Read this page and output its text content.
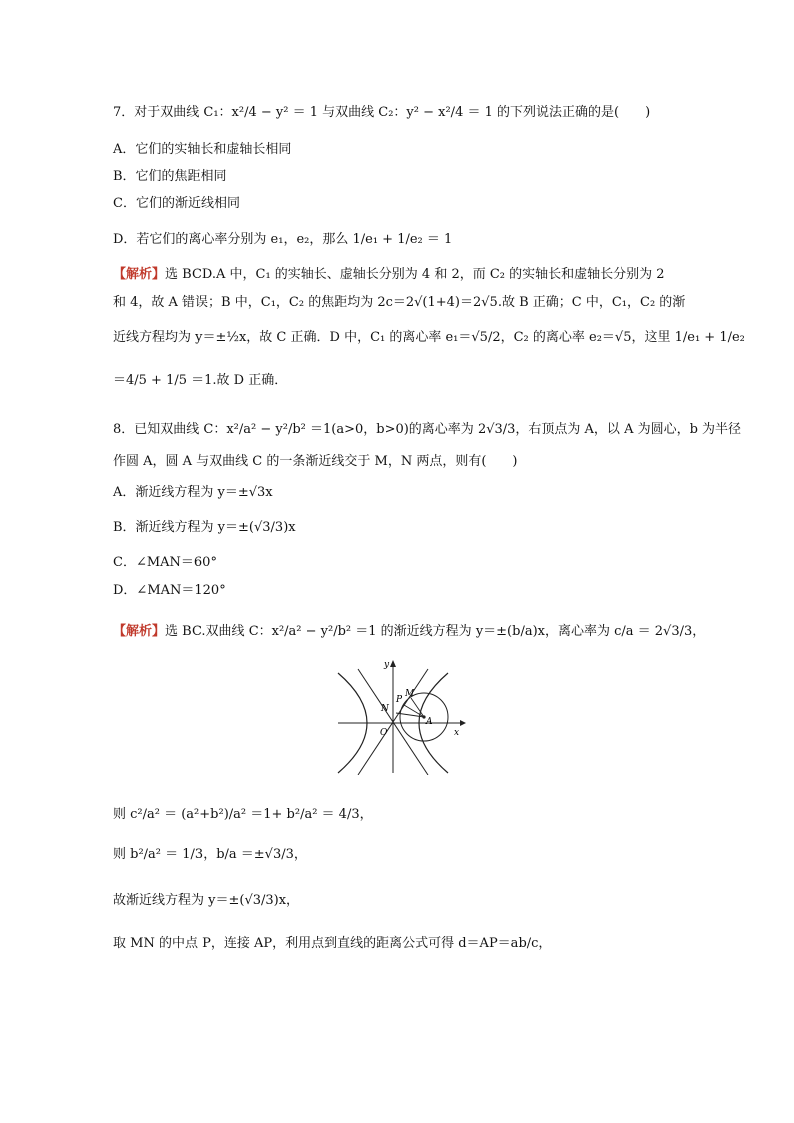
7．对于双曲线 C₁：x²/4 − y² ＝ 1 与双曲线 C₂：y² − x²/4 ＝ 1 的下列说法正确的是(　　)
A．它们的实轴长和虚轴长相同
B．它们的焦距相同
C．它们的渐近线相同
D．若它们的离心率分别为 e₁，e₂，那么 1/e₁ + 1/e₂ ＝ 1
【解析】选 BCD.A 中，C₁ 的实轴长、虚轴长分别为 4 和 2，而 C₂ 的实轴长和虚轴长分别为 2
和 4，故 A 错误；B 中，C₁，C₂ 的焦距均为 2c＝2√(1+4)＝2√5.故 B 正确；C 中，C₁，C₂ 的渐
近线方程均为 y＝±½x，故 C 正确．D 中，C₁ 的离心率 e₁＝√5/2，C₂ 的离心率 e₂＝√5，这里 1/e₁ + 1/e₂
＝4/5 + 1/5 ＝1.故 D 正确．
8．已知双曲线 C：x²/a² − y²/b² ＝1(a>0，b>0)的离心率为 2√3/3，右顶点为 A，以 A 为圆心，b 为半径
作圆 A，圆 A 与双曲线 C 的一条渐近线交于 M，N 两点，则有(　　)
A．渐近线方程为 y＝±√3x
B．渐近线方程为 y＝±(√3/3)x
C．∠MAN＝60°
D．∠MAN＝120°
【解析】选 BC.双曲线 C：x²/a² − y²/b² ＝1 的渐近线方程为 y＝±(b/a)x，离心率为 c/a ＝ 2√3/3，
y
x
O
N
P
M
A
则 c²/a² ＝ (a²+b²)/a² ＝1+ b²/a² ＝ 4/3，
则 b²/a² ＝ 1/3，b/a ＝±√3/3，
故渐近线方程为 y＝±(√3/3)x，
取 MN 的中点 P，连接 AP，利用点到直线的距离公式可得 d＝AP＝ab/c，
